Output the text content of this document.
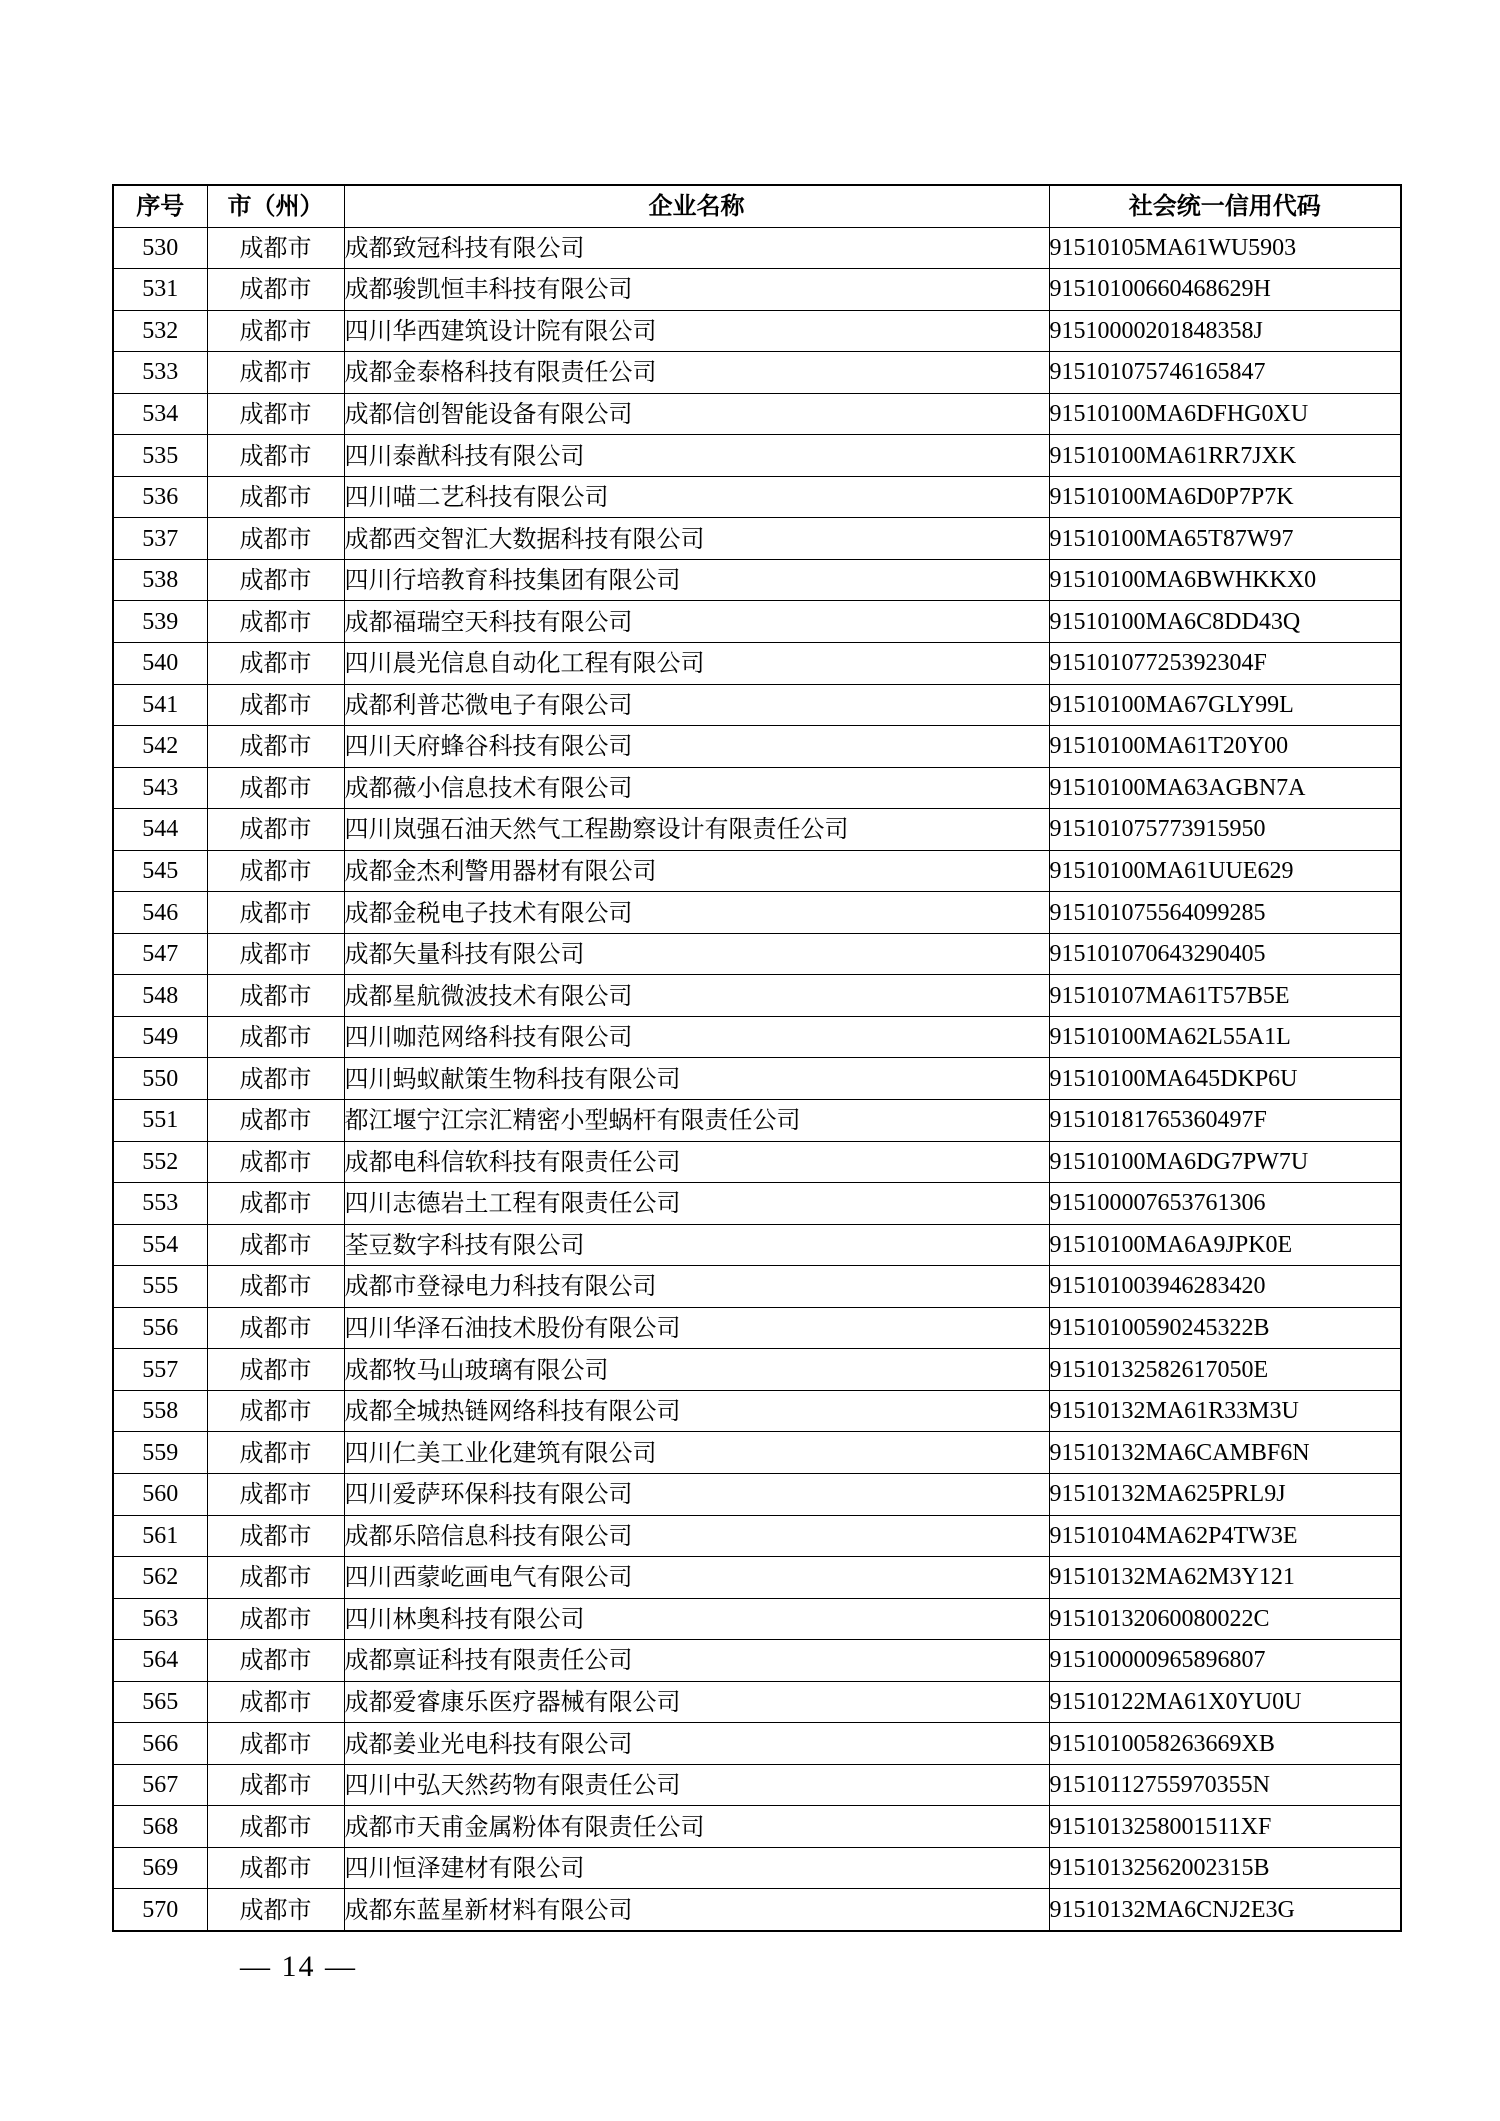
序号	市（州）	企业名称	社会统一信用代码
530	成都市	成都致冠科技有限公司	91510105MA61WU5903
531	成都市	成都骏凯恒丰科技有限公司	91510100660468629H
532	成都市	四川华西建筑设计院有限公司	91510000201848358J
533	成都市	成都金泰格科技有限责任公司	915101075746165847
534	成都市	成都信创智能设备有限公司	91510100MA6DFHG0XU
535	成都市	四川泰猷科技有限公司	91510100MA61RR7JXK
536	成都市	四川喵二艺科技有限公司	91510100MA6D0P7P7K
537	成都市	成都西交智汇大数据科技有限公司	91510100MA65T87W97
538	成都市	四川行培教育科技集团有限公司	91510100MA6BWHKKX0
539	成都市	成都福瑞空天科技有限公司	91510100MA6C8DD43Q
540	成都市	四川晨光信息自动化工程有限公司	91510107725392304F
541	成都市	成都利普芯微电子有限公司	91510100MA67GLY99L
542	成都市	四川天府蜂谷科技有限公司	91510100MA61T20Y00
543	成都市	成都薇小信息技术有限公司	91510100MA63AGBN7A
544	成都市	四川岚强石油天然气工程勘察设计有限责任公司	915101075773915950
545	成都市	成都金杰利警用器材有限公司	91510100MA61UUE629
546	成都市	成都金税电子技术有限公司	915101075564099285
547	成都市	成都矢量科技有限公司	915101070643290405
548	成都市	成都星航微波技术有限公司	91510107MA61T57B5E
549	成都市	四川咖范网络科技有限公司	91510100MA62L55A1L
550	成都市	四川蚂蚁献策生物科技有限公司	91510100MA645DKP6U
551	成都市	都江堰宁江宗汇精密小型蜗杆有限责任公司	91510181765360497F
552	成都市	成都电科信软科技有限责任公司	91510100MA6DG7PW7U
553	成都市	四川志德岩土工程有限责任公司	915100007653761306
554	成都市	荃豆数字科技有限公司	91510100MA6A9JPK0E
555	成都市	成都市登禄电力科技有限公司	915101003946283420
556	成都市	四川华泽石油技术股份有限公司	91510100590245322B
557	成都市	成都牧马山玻璃有限公司	91510132582617050E
558	成都市	成都全城热链网络科技有限公司	91510132MA61R33M3U
559	成都市	四川仁美工业化建筑有限公司	91510132MA6CAMBF6N
560	成都市	四川爱萨环保科技有限公司	91510132MA625PRL9J
561	成都市	成都乐陪信息科技有限公司	91510104MA62P4TW3E
562	成都市	四川西蒙屹画电气有限公司	91510132MA62M3Y121
563	成都市	四川林奥科技有限公司	91510132060080022C
564	成都市	成都禀证科技有限责任公司	915100000965896807
565	成都市	成都爱睿康乐医疗器械有限公司	91510122MA61X0YU0U
566	成都市	成都姜业光电科技有限公司	9151010058263669XB
567	成都市	四川中弘天然药物有限责任公司	91510112755970355N
568	成都市	成都市天甫金属粉体有限责任公司	9151013258001511XF
569	成都市	四川恒泽建材有限公司	91510132562002315B
570	成都市	成都东蓝星新材料有限公司	91510132MA6CNJ2E3G
— 14 —
